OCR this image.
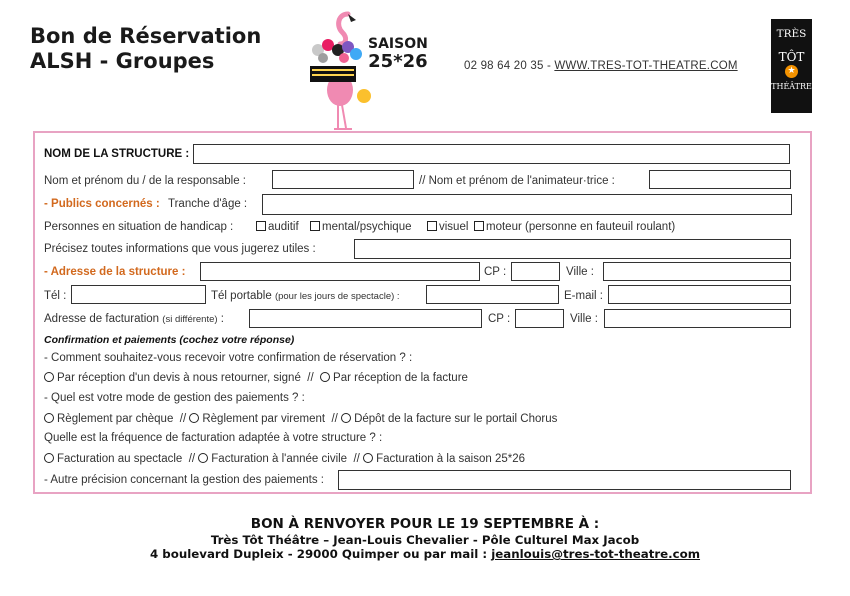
Bon de Réservation
ALSH - Groupes
SAISON
25*26	02 98 64 20 35 - WWW.TRES-TOT-THEATRE.COM
TRÈS
TÔT
★
THÉÂTRE
NOM DE LA STRUCTURE :
Nom et prénom du / de la responsable :	// Nom et prénom de l'animateur·trice :
- Publics concernés : Tranche d'âge :
Personnes en situation de handicap :	auditif	mental/psychique	visuel	moteur (personne en fauteuil roulant)
Précisez toutes informations que vous jugerez utiles :
- Adresse de la structure :	CP :	Ville :
Tél :	Tél portable (pour les jours de spectacle) :	E-mail :
Adresse de facturation (si différente) :	CP :	Ville :
Confirmation et paiements (cochez votre réponse)
- Comment souhaitez-vous recevoir votre confirmation de réservation ? :
Par réception d'un devis à nous retourner, signé // Par réception de la facture
- Quel est votre mode de gestion des paiements ? :
Règlement par chèque // Règlement par virement // Dépôt de la facture sur le portail Chorus
Quelle est la fréquence de facturation adaptée à votre structure ? :
Facturation au spectacle // Facturation à l'année civile // Facturation à la saison 25*26
- Autre précision concernant la gestion des paiements :
BON À RENVOYER POUR LE 19 SEPTEMBRE À :
Très Tôt Théâtre – Jean-Louis Chevalier - Pôle Culturel Max Jacob
4 boulevard Dupleix - 29000 Quimper ou par mail : jeanlouis@tres-tot-theatre.com
